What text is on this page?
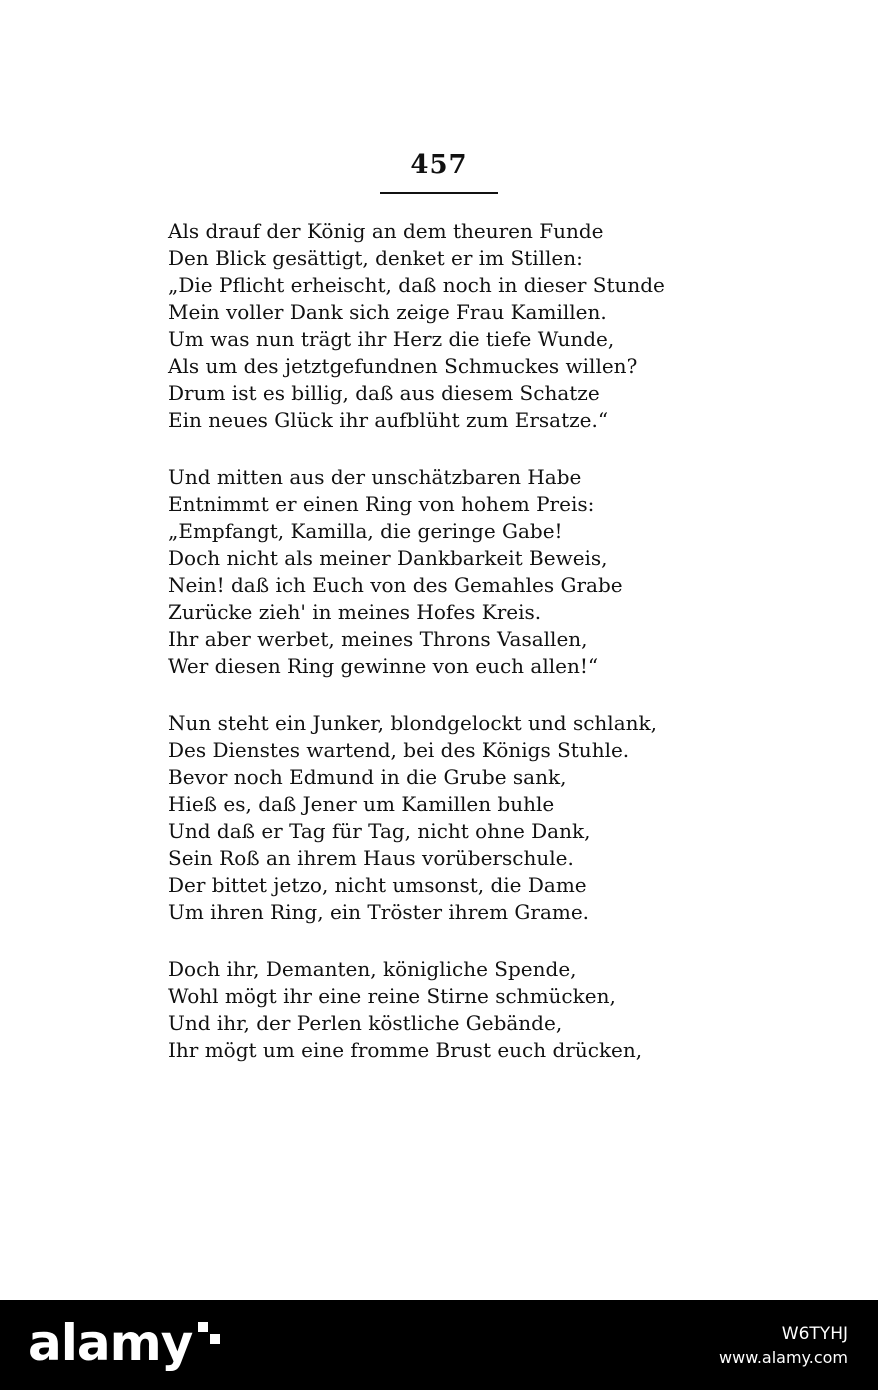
457
Als drauf der König an dem theuren Funde
Den Blick gesättigt, denket er im Stillen:
„Die Pflicht erheischt, daß noch in dieser Stunde
Mein voller Dank sich zeige Frau Kamillen.
Um was nun trägt ihr Herz die tiefe Wunde,
Als um des jetztgefundnen Schmuckes willen?
Drum ist es billig, daß aus diesem Schatze
Ein neues Glück ihr aufblüht zum Ersatze.“
Und mitten aus der unschätzbaren Habe
Entnimmt er einen Ring von hohem Preis:
„Empfangt, Kamilla, die geringe Gabe!
Doch nicht als meiner Dankbarkeit Beweis,
Nein! daß ich Euch von des Gemahles Grabe
Zurücke zieh' in meines Hofes Kreis.
Ihr aber werbet, meines Throns Vasallen,
Wer diesen Ring gewinne von euch allen!“
Nun steht ein Junker, blondgelockt und schlank,
Des Dienstes wartend, bei des Königs Stuhle.
Bevor noch Edmund in die Grube sank,
Hieß es, daß Jener um Kamillen buhle
Und daß er Tag für Tag, nicht ohne Dank,
Sein Roß an ihrem Haus vorüberschule.
Der bittet jetzo, nicht umsonst, die Dame
Um ihren Ring, ein Tröster ihrem Grame.
Doch ihr, Demanten, königliche Spende,
Wohl mögt ihr eine reine Stirne schmücken,
Und ihr, der Perlen köstliche Gebände,
Ihr mögt um eine fromme Brust euch drücken,
alamy	W6TYHJ
www.alamy.com
